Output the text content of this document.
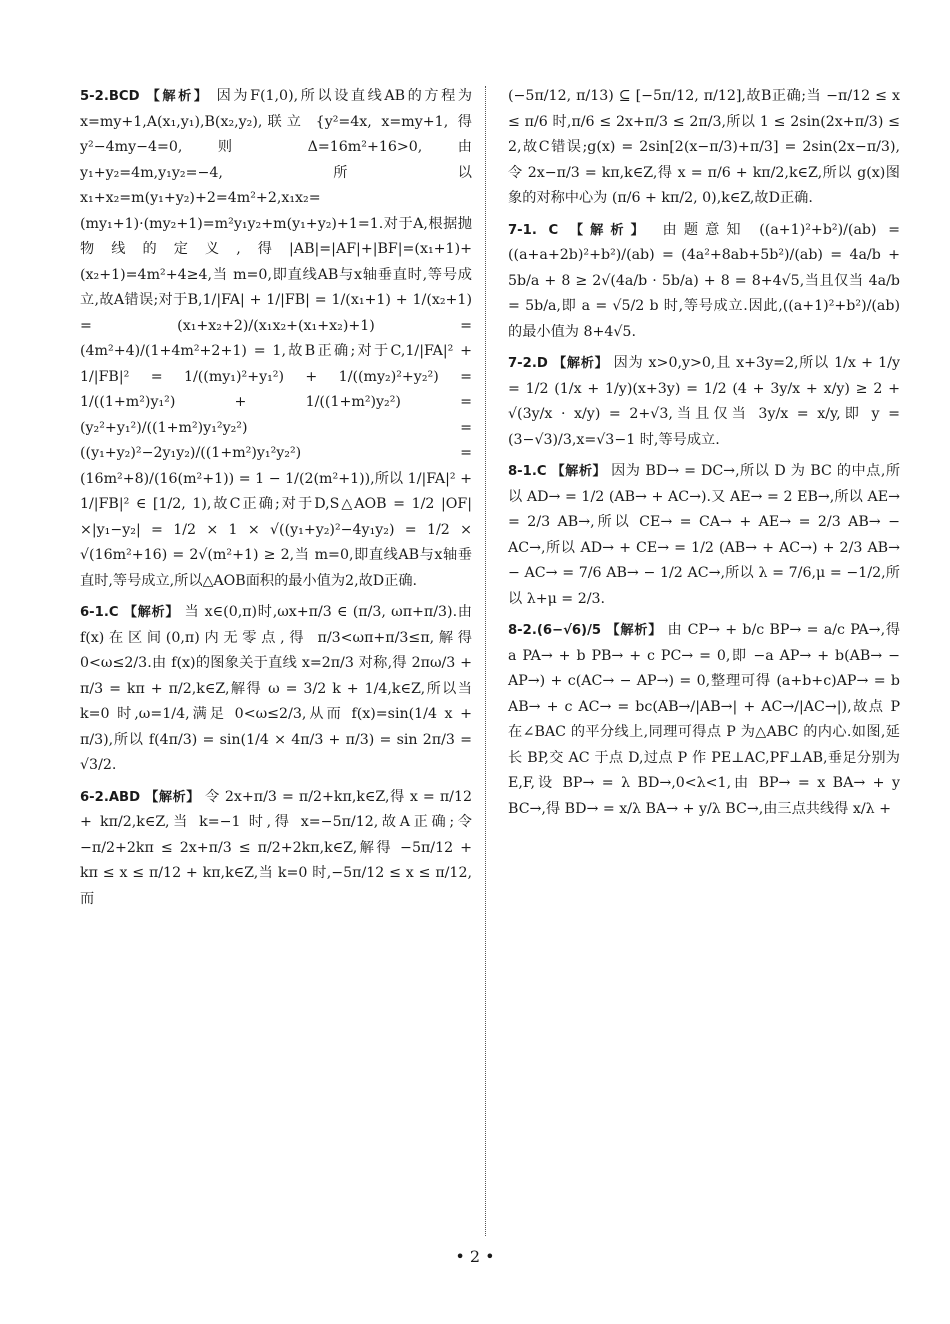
5-2.BCD 【解析】 因为F(1,0),所以设直线AB的方程为x=my+1,A(x₁,y₁),B(x₂,y₂),联立 {y²=4x, x=my+1, 得 y²−4my−4=0,则 Δ=16m²+16>0,由 y₁+y₂=4m,y₁y₂=−4,所以 x₁+x₂=m(y₁+y₂)+2=4m²+2,x₁x₂=(my₁+1)·(my₂+1)=m²y₁y₂+m(y₁+y₂)+1=1.对于A,根据抛物线的定义,得|AB|=|AF|+|BF|=(x₁+1)+(x₂+1)=4m²+4≥4,当 m=0,即直线AB与x轴垂直时,等号成立,故A错误;对于B,1/|FA| + 1/|FB| = 1/(x₁+1) + 1/(x₂+1) = (x₁+x₂+2)/(x₁x₂+(x₁+x₂)+1) = (4m²+4)/(1+4m²+2+1) = 1,故B正确;对于C,1/|FA|² + 1/|FB|² = 1/((my₁)²+y₁²) + 1/((my₂)²+y₂²) = 1/((1+m²)y₁²) + 1/((1+m²)y₂²) = (y₂²+y₁²)/((1+m²)y₁²y₂²) = ((y₁+y₂)²−2y₁y₂)/((1+m²)y₁²y₂²) = (16m²+8)/(16(m²+1)) = 1 − 1/(2(m²+1)),所以 1/|FA|² + 1/|FB|² ∈ [1/2, 1),故C正确;对于D,S△AOB = 1/2 |OF|×|y₁−y₂| = 1/2 × 1 × √((y₁+y₂)²−4y₁y₂) = 1/2 × √(16m²+16) = 2√(m²+1) ≥ 2,当 m=0,即直线AB与x轴垂直时,等号成立,所以△AOB面积的最小值为2,故D正确.
6-1.C 【解析】 当 x∈(0,π)时,ωx+π/3 ∈ (π/3, ωπ+π/3).由 f(x)在区间(0,π)内无零点,得 π/3<ωπ+π/3≤π,解得 0<ω≤2/3.由 f(x)的图象关于直线 x=2π/3 对称,得 2πω/3 + π/3 = kπ + π/2,k∈Z,解得 ω = 3/2 k + 1/4,k∈Z,所以当 k=0 时,ω=1/4,满足 0<ω≤2/3,从而 f(x)=sin(1/4 x + π/3),所以 f(4π/3) = sin(1/4 × 4π/3 + π/3) = sin 2π/3 = √3/2.
6-2.ABD 【解析】 令 2x+π/3 = π/2+kπ,k∈Z,得 x = π/12 + kπ/2,k∈Z,当 k=−1 时,得 x=−5π/12,故A正确;令 −π/2+2kπ ≤ 2x+π/3 ≤ π/2+2kπ,k∈Z,解得 −5π/12 + kπ ≤ x ≤ π/12 + kπ,k∈Z,当 k=0 时,−5π/12 ≤ x ≤ π/12,而
(−5π/12, π/13) ⊆ [−5π/12, π/12],故B正确;当 −π/12 ≤ x ≤ π/6 时,π/6 ≤ 2x+π/3 ≤ 2π/3,所以 1 ≤ 2sin(2x+π/3) ≤ 2,故C错误;g(x) = 2sin[2(x−π/3)+π/3] = 2sin(2x−π/3),令 2x−π/3 = kπ,k∈Z,得 x = π/6 + kπ/2,k∈Z,所以 g(x)图象的对称中心为 (π/6 + kπ/2, 0),k∈Z,故D正确.
7-1. C 【解析】 由题意知 ((a+1)²+b²)/(ab) = ((a+a+2b)²+b²)/(ab) = (4a²+8ab+5b²)/(ab) = 4a/b + 5b/a + 8 ≥ 2√(4a/b · 5b/a) + 8 = 8+4√5,当且仅当 4a/b = 5b/a,即 a = √5/2 b 时,等号成立.因此,((a+1)²+b²)/(ab) 的最小值为 8+4√5.
7-2.D 【解析】 因为 x>0,y>0,且 x+3y=2,所以 1/x + 1/y = 1/2 (1/x + 1/y)(x+3y) = 1/2 (4 + 3y/x + x/y) ≥ 2 + √(3y/x · x/y) = 2+√3,当且仅当 3y/x = x/y,即 y = (3−√3)/3,x=√3−1 时,等号成立.
8-1.C 【解析】 因为 BD→ = DC→,所以 D 为 BC 的中点,所以 AD→ = 1/2 (AB→ + AC→).又 AE→ = 2 EB→,所以 AE→ = 2/3 AB→,所以 CE→ = CA→ + AE→ = 2/3 AB→ − AC→,所以 AD→ + CE→ = 1/2 (AB→ + AC→) + 2/3 AB→ − AC→ = 7/6 AB→ − 1/2 AC→,所以 λ = 7/6,μ = −1/2,所以 λ+μ = 2/3.
8-2.(6−√6)/5 【解析】 由 CP→ + b/c BP→ = a/c PA→,得 a PA→ + b PB→ + c PC→ = 0,即 −a AP→ + b(AB→ − AP→) + c(AC→ − AP→) = 0,整理可得 (a+b+c)AP→ = b AB→ + c AC→ = bc(AB→/|AB→| + AC→/|AC→|),故点 P 在∠BAC 的平分线上,同理可得点 P 为△ABC 的内心.如图,延长 BP,交 AC 于点 D,过点 P 作 PE⊥AC,PF⊥AB,垂足分别为 E,F,设 BP→ = λ BD→,0<λ<1,由 BP→ = x BA→ + y BC→,得 BD→ = x/λ BA→ + y/λ BC→,由三点共线得 x/λ +
• 2 •
